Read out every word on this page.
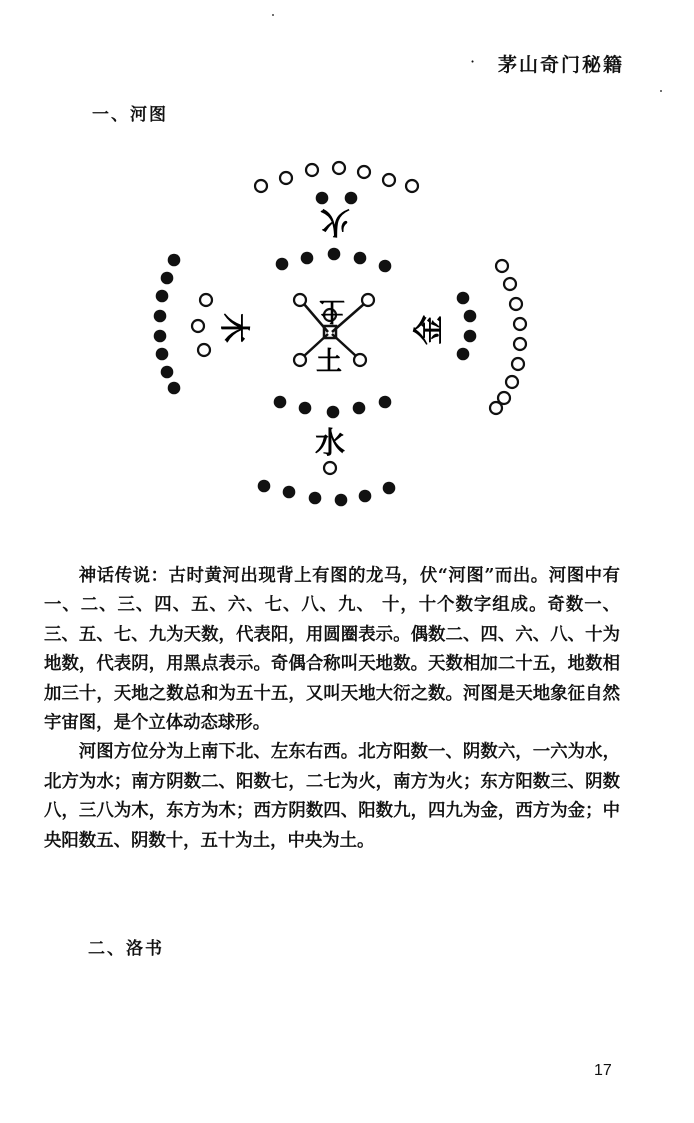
· 茅山奇门秘籍
一、河图
火
木	金
土
土
水

神话传说：古时黄河出现背上有图的龙马，伏“河图”而出。河图中有一、二、三、四、五、六、七、八、九、 十，十个数字组成。奇数一、三、五、七、九为天数，代表阳，用圆圈表示。偶数二、四、六、八、十为地数，代表阴，用黑点表示。奇偶合称叫天地数。天数相加二十五，地数相加三十，天地之数总和为五十五，又叫天地大衍之数。河图是天地象征自然宇宙图，是个立体动态球形。

河图方位分为上南下北、左东右西。北方阳数一、阴数六，一六为水，北方为水；南方阴数二、阳数七，二七为火，南方为火；东方阳数三、阴数八，三八为木，东方为木；西方阴数四、阳数九，四九为金，西方为金；中央阳数五、阴数十，五十为土，中央为土。

二、洛书
17
